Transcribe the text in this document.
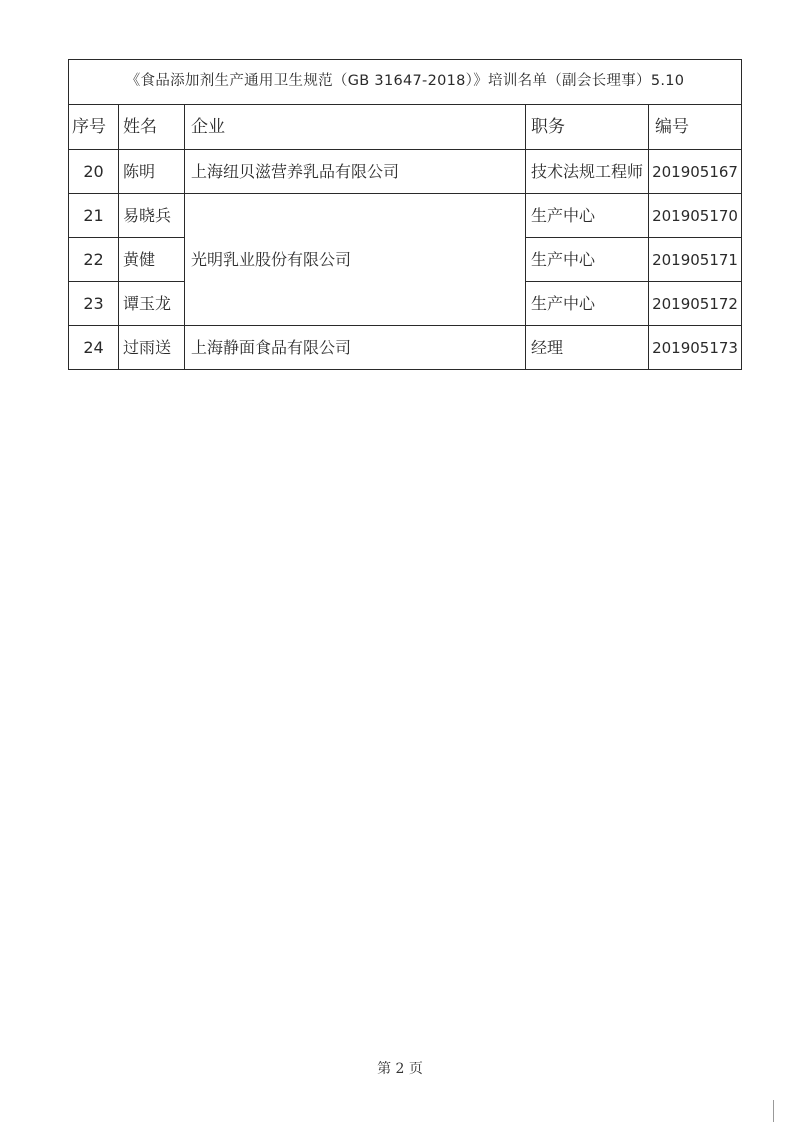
《食品添加剂生产通用卫生规范（GB 31647-2018）》培训名单（副会长理事）5.10				
序号	姓名	企业	职务	编号
20	陈明	上海纽贝滋营养乳品有限公司	技术法规工程师	201905167
21	易晓兵	光明乳业股份有限公司	生产中心	201905170
22	黄健		生产中心	201905171
23	谭玉龙		生产中心	201905172
24	过雨送	上海静面食品有限公司	经理	201905173
第 2 页
